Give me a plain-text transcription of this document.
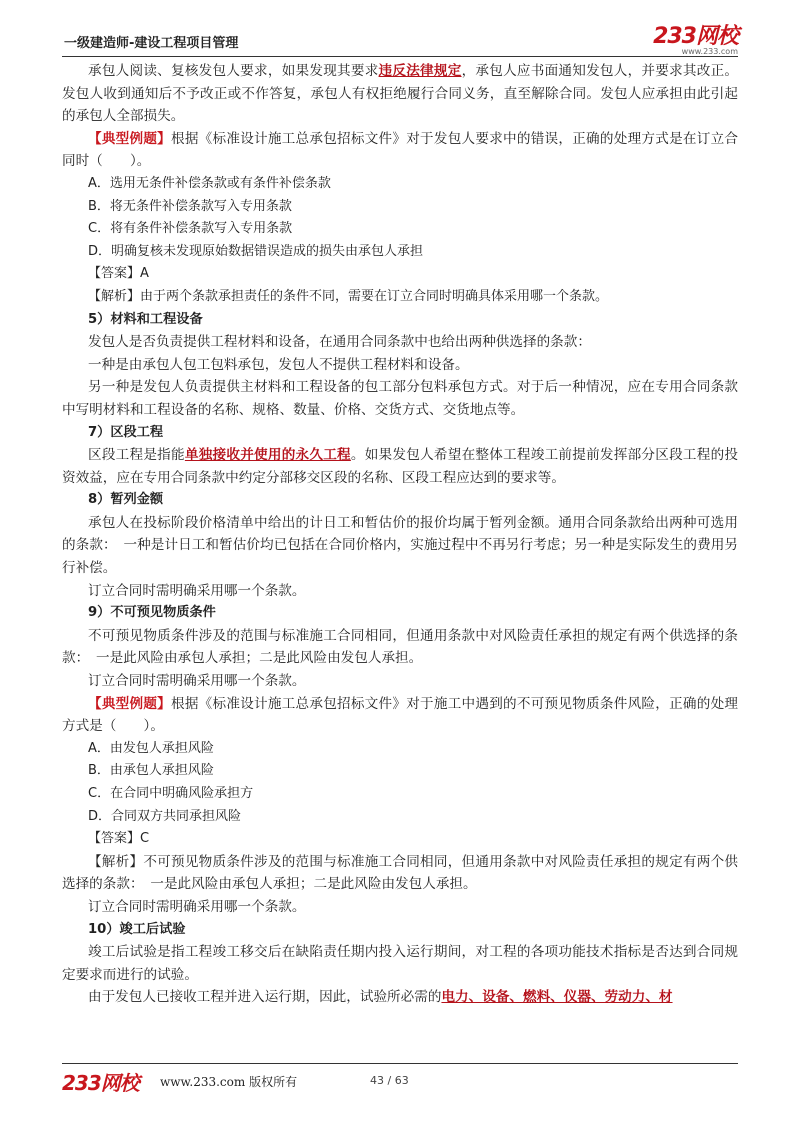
一级建造师-建设工程项目管理	233网校
www.233.com

承包人阅读、复核发包人要求，如果发现其要求违反法律规定，承包人应书面通知发包人，并要求其改正。发包人收到通知后不予改正或不作答复，承包人有权拒绝履行合同义务，直至解除合同。发包人应承担由此引起的承包人全部损失。

【典型例题】根据《标准设计施工总承包招标文件》对于发包人要求中的错误，正确的处理方式是在订立合同时（　　）。

A．选用无条件补偿条款或有条件补偿条款
B．将无条件补偿条款写入专用条款
C．将有条件补偿条款写入专用条款
D．明确复核未发现原始数据错误造成的损失由承包人承担
【答案】A
【解析】由于两个条款承担责任的条件不同，需要在订立合同时明确具体采用哪一个条款。
5）材料和工程设备

发包人是否负责提供工程材料和设备，在通用合同条款中也给出两种供选择的条款：

一种是由承包人包工包料承包，发包人不提供工程材料和设备。

另一种是发包人负责提供主材料和工程设备的包工部分包料承包方式。对于后一种情况，应在专用合同条款中写明材料和工程设备的名称、规格、数量、价格、交货方式、交货地点等。

7）区段工程

区段工程是指能单独接收并使用的永久工程。如果发包人希望在整体工程竣工前提前发挥部分区段工程的投资效益，应在专用合同条款中约定分部移交区段的名称、区段工程应达到的要求等。

8）暂列金额

承包人在投标阶段价格清单中给出的计日工和暂估价的报价均属于暂列金额。通用合同条款给出两种可选用的条款：　一种是计日工和暂估价均已包括在合同价格内，实施过程中不再另行考虑；另一种是实际发生的费用另行补偿。

订立合同时需明确采用哪一个条款。

9）不可预见物质条件

不可预见物质条件涉及的范围与标准施工合同相同，但通用条款中对风险责任承担的规定有两个供选择的条款：　一是此风险由承包人承担；二是此风险由发包人承担。

订立合同时需明确采用哪一个条款。

【典型例题】根据《标准设计施工总承包招标文件》对于施工中遇到的不可预见物质条件风险，正确的处理方式是（　　）。

A．由发包人承担风险
B．由承包人承担风险
C．在合同中明确风险承担方
D．合同双方共同承担风险
【答案】C

【解析】不可预见物质条件涉及的范围与标准施工合同相同，但通用条款中对风险责任承担的规定有两个供选择的条款：　一是此风险由承包人承担；二是此风险由发包人承担。

订立合同时需明确采用哪一个条款。

10）竣工后试验

竣工后试验是指工程竣工移交后在缺陷责任期内投入运行期间，对工程的各项功能技术指标是否达到合同规定要求而进行的试验。

由于发包人已接收工程并进入运行期，因此，试验所必需的电力、设备、燃料、仪器、劳动力、材

233网校 www.233.com 版权所有	43 / 63
